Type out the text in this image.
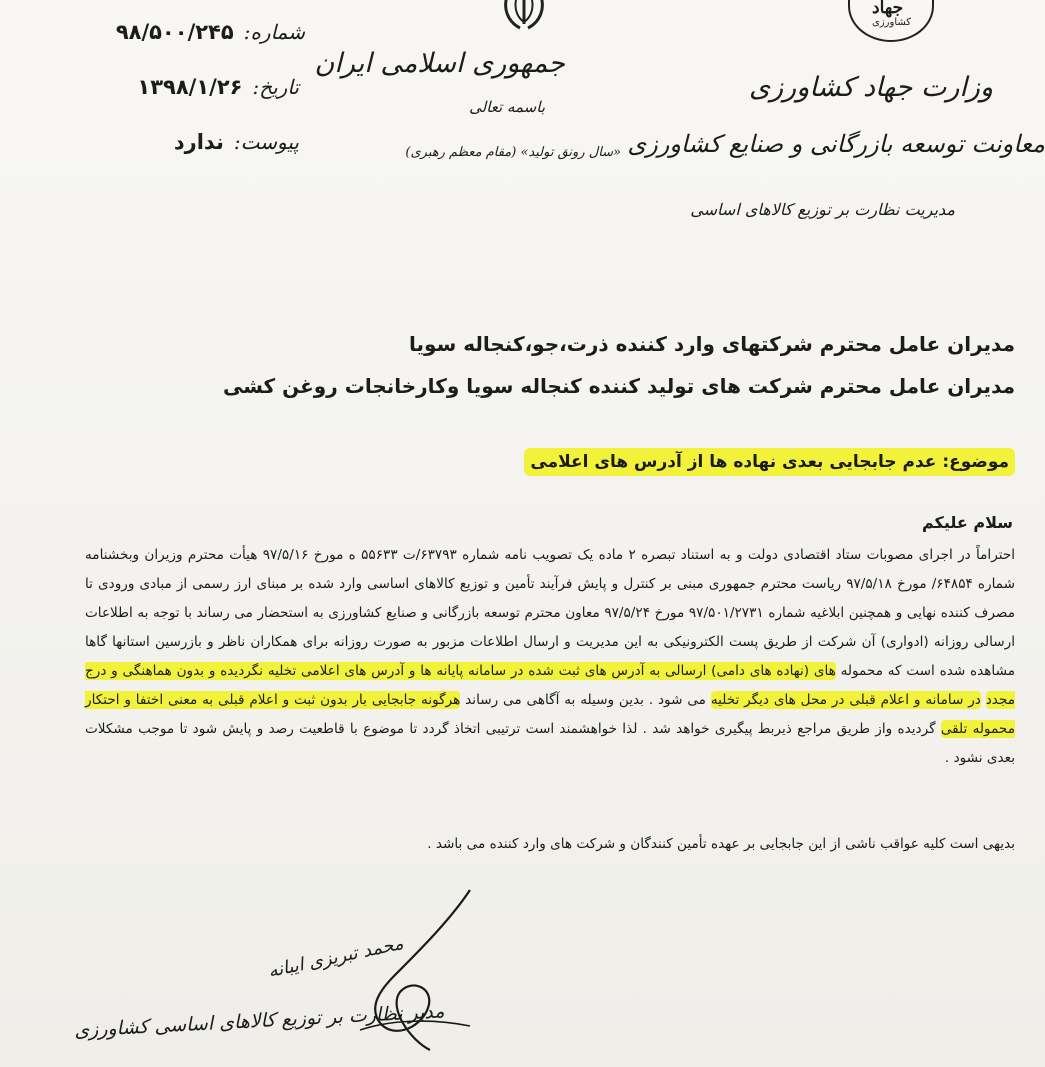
جهاد
کشاورزی
وزارت جهاد کشاورزی
معاونت توسعه بازرگانی و صنایع کشاورزی
مدیریت نظارت بر توزیع کالاهای اساسی
جمهوری اسلامی ایران
باسمه تعالی
«سال رونق تولید» (مقام معظم رهبری)
شماره:
۹۸/۵۰۰/۲۴۵
تاریخ:
۱۳۹۸/۱/۲۶
پیوست:
ندارد
مدیران عامل محترم شرکتهای وارد کننده ذرت،جو،کنجاله سویا
مدیران عامل محترم شرکت های تولید کننده کنجاله سویا وکارخانجات روغن کشی
موضوع: عدم جابجایی بعدی نهاده ها از آدرس های اعلامی
سلام علیکم
احتراماً در اجرای مصوبات ستاد اقتصادی دولت و به استناد تبصره ۲ ماده یک تصویب نامه شماره ۶۳۷۹۳/ت ۵۵۶۳۳ ه مورخ ۹۷/۵/۱۶ هیأت محترم وزیران وبخشنامه شماره ۶۴۸۵۴/ مورخ ۹۷/۵/۱۸ ریاست محترم جمهوری مبنی بر کنترل و پایش فرآیند تأمین و توزیع کالاهای اساسی وارد شده بر مبنای ارز رسمی از مبادی ورودی تا مصرف کننده نهایی و همچنین ابلاغیه شماره ۹۷/۵۰۱/۲۷۳۱ مورخ ۹۷/۵/۲۴ معاون محترم توسعه بازرگانی و صنایع کشاورزی به استحضار می رساند با توجه به اطلاعات ارسالی روزانه (ادواری) آن شرکت از طریق پست الکترونیکی به این مدیریت و ارسال اطلاعات مزبور به صورت روزانه برای همکاران ناظر و بازرسین استانها گاها مشاهده شده است که محموله های (نهاده های دامی) ارسالی به آدرس های ثبت شده در سامانه پایانه ها و آدرس های اعلامی تخلیه نگردیده و بدون هماهنگی و درج مجدد در سامانه و اعلام قبلی در محل های دیگر تخلیه می شود . بدین وسیله به آگاهی می رساند هرگونه جابجایی بار بدون ثبت و اعلام قبلی به معنی اختفا و احتکار محموله تلقی گردیده واز طریق مراجع ذیربط پیگیری خواهد شد . لذا خواهشمند است ترتیبی اتخاذ گردد تا موضوع با قاطعیت رصد و پایش شود تا موجب مشکلات بعدی نشود .
بدیهی است کلیه عواقب ناشی از این جابجایی بر عهده تأمین کنندگان و شرکت های وارد کننده می باشد .
محمد تبریزی ایبانه
مدیر نظارت بر توزیع کالاهای اساسی کشاورزی
